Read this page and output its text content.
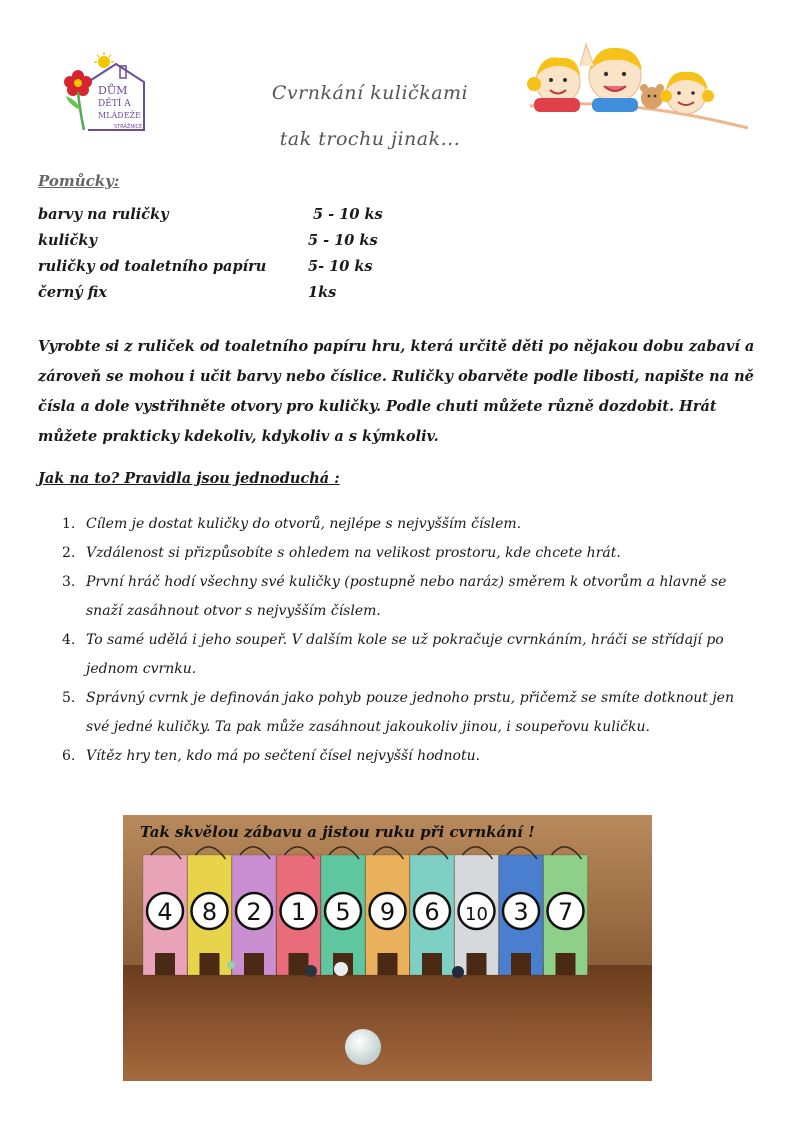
DŮM
DĚTÍ A
MLÁDEŽE
STRÁŽNICE
Cvrnkání kuličkami
tak trochu jinak...
Pomůcky:
barvy na ruličky	5 - 10 ks
kuličky	5 - 10 ks
ruličky od toaletního papíru	5- 10 ks
černý fix	1ks
Vyrobte si z ruliček od toaletního papíru hru, která určitě děti po nějakou dobu zabaví a zároveň se mohou i učit barvy nebo číslice. Ruličky obarvěte podle libosti, napište na ně čísla a dole vystřihněte otvory pro kuličky. Podle chuti můžete různě dozdobit. Hrát můžete prakticky kdekoliv, kdykoliv a s kýmkoliv.
Jak na to? Pravidla jsou jednoduchá :
1. Cílem je dostat kuličky do otvorů, nejlépe s nejvyšším číslem.
2. Vzdálenost si přizpůsobíte s ohledem na velikost prostoru, kde chcete hrát.
3. První hráč hodí všechny své kuličky (postupně nebo naráz) směrem k otvorům a hlavně se snaží zasáhnout otvor s nejvyšším číslem.
4. To samé udělá i jeho soupeř. V dalším kole se už pokračuje cvrnkáním, hráči se střídají po jednom cvrnku.
5. Správný cvrnk je definován jako pohyb pouze jednoho prstu, přičemž se smíte dotknout jen své jedné kuličky. Ta pak může zasáhnout jakoukoliv jinou, i soupeřovu kuličku.
6. Vítěz hry ten, kdo má po sečtení čísel nejvyšší hodnotu.
4 8 2 1 5 9 6 10 3 7
Tak skvělou zábavu a jistou ruku při cvrnkání !
